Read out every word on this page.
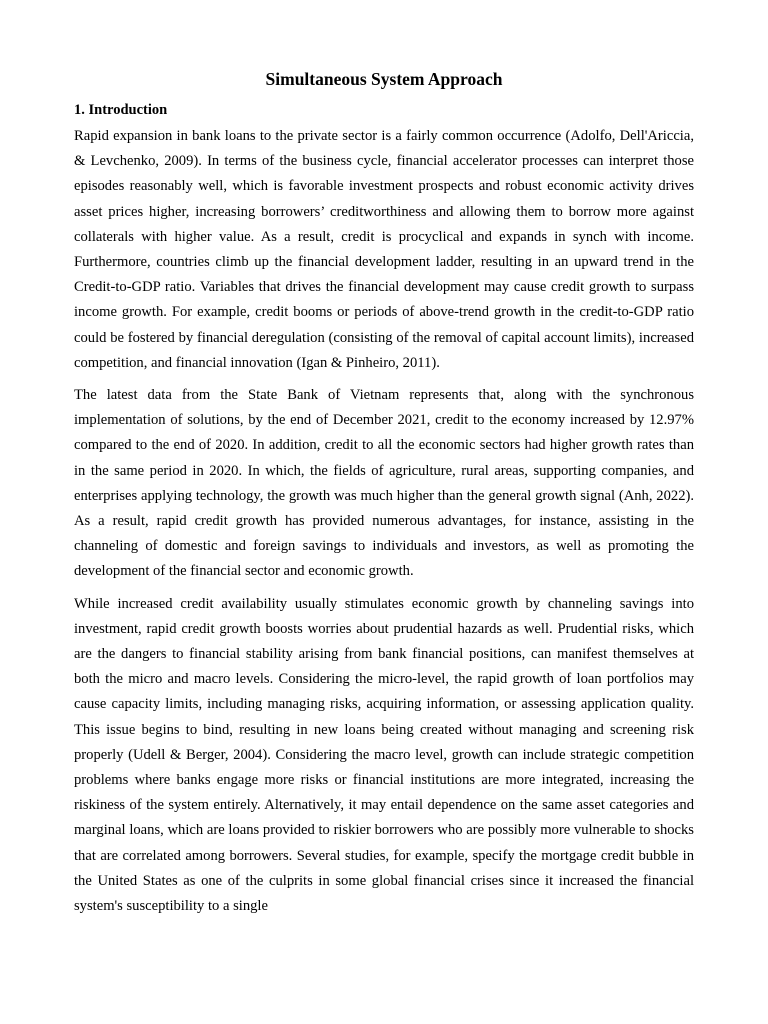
Simultaneous System Approach
1. Introduction

Rapid expansion in bank loans to the private sector is a fairly common occurrence (Adolfo, Dell'Ariccia, & Levchenko, 2009). In terms of the business cycle, financial accelerator processes can interpret those episodes reasonably well, which is favorable investment prospects and robust economic activity drives asset prices higher, increasing borrowers’ creditworthiness and allowing them to borrow more against collaterals with higher value. As a result, credit is procyclical and expands in synch with income. Furthermore, countries climb up the financial development ladder, resulting in an upward trend in the Credit-to-GDP ratio. Variables that drives the financial development may cause credit growth to surpass income growth. For example, credit booms or periods of above-trend growth in the credit-to-GDP ratio could be fostered by financial deregulation (consisting of the removal of capital account limits), increased competition, and financial innovation (Igan & Pinheiro, 2011).

The latest data from the State Bank of Vietnam represents that, along with the synchronous implementation of solutions, by the end of December 2021, credit to the economy increased by 12.97% compared to the end of 2020. In addition, credit to all the economic sectors had higher growth rates than in the same period in 2020. In which, the fields of agriculture, rural areas, supporting companies, and enterprises applying technology, the growth was much higher than the general growth signal (Anh, 2022). As a result, rapid credit growth has provided numerous advantages, for instance, assisting in the channeling of domestic and foreign savings to individuals and investors, as well as promoting the development of the financial sector and economic growth.

While increased credit availability usually stimulates economic growth by channeling savings into investment, rapid credit growth boosts worries about prudential hazards as well. Prudential risks, which are the dangers to financial stability arising from bank financial positions, can manifest themselves at both the micro and macro levels. Considering the micro-level, the rapid growth of loan portfolios may cause capacity limits, including managing risks, acquiring information, or assessing application quality. This issue begins to bind, resulting in new loans being created without managing and screening risk properly (Udell & Berger, 2004). Considering the macro level, growth can include strategic competition problems where banks engage more risks or financial institutions are more integrated, increasing the riskiness of the system entirely. Alternatively, it may entail dependence on the same asset categories and marginal loans, which are loans provided to riskier borrowers who are possibly more vulnerable to shocks that are correlated among borrowers. Several studies, for example, specify the mortgage credit bubble in the United States as one of the culprits in some global financial crises since it increased the financial system's susceptibility to a single
